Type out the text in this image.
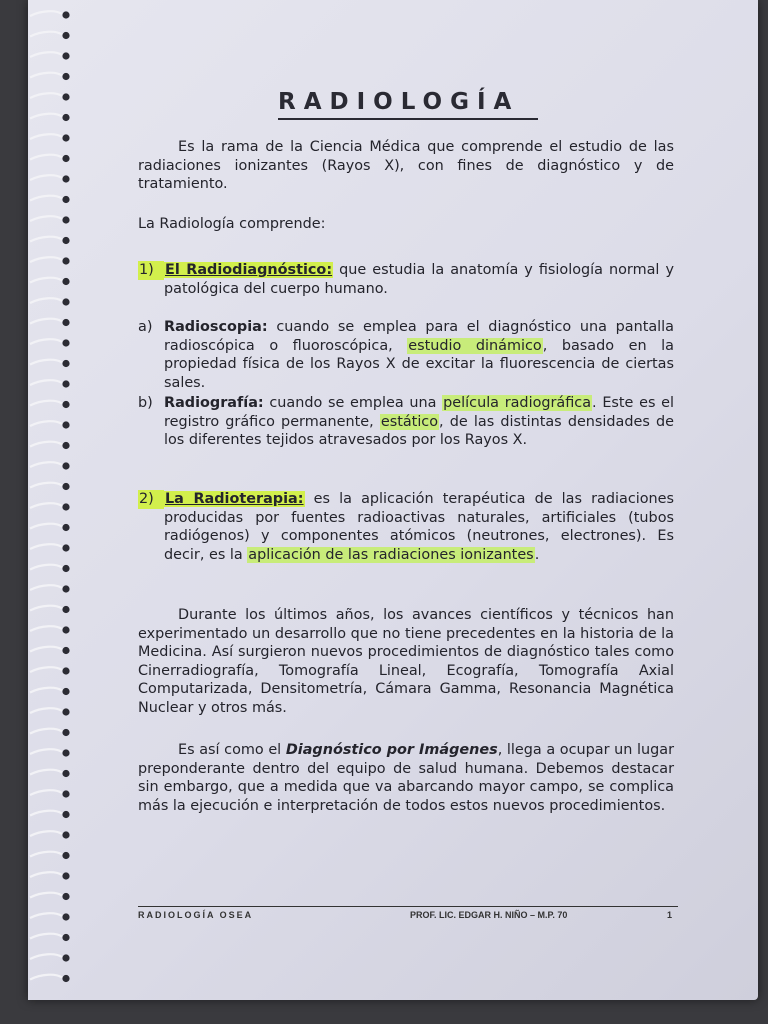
RADIOLOGÍA

Es la rama de la Ciencia Médica que comprende el estudio de las radiaciones ionizantes (Rayos X), con fines de diagnóstico y de tratamiento.

La Radiología comprende:
1) El Radiodiagnóstico: que estudia la anatomía y fisiología normal y patológica del cuerpo humano.
a) Radioscopia: cuando se emplea para el diagnóstico una pantalla radioscópica o fluoroscópica, estudio dinámico, basado en la propiedad física de los Rayos X de excitar la fluorescencia de ciertas sales.
b) Radiografía: cuando se emplea una película radiográfica. Este es el registro gráfico permanente, estático, de las distintas densidades de los diferentes tejidos atravesados por los Rayos X.
2) La Radioterapia: es la aplicación terapéutica de las radiaciones producidas por fuentes radioactivas naturales, artificiales (tubos radiógenos) y componentes atómicos (neutrones, electrones). Es decir, es la aplicación de las radiaciones ionizantes.

Durante los últimos años, los avances científicos y técnicos han experimentado un desarrollo que no tiene precedentes en la historia de la Medicina. Así surgieron nuevos procedimientos de diagnóstico tales como Cinerradiografía, Tomografía Lineal, Ecografía, Tomografía Axial Computarizada, Densitometría, Cámara Gamma, Resonancia Magnética Nuclear y otros más.

Es así como el Diagnóstico por Imágenes, llega a ocupar un lugar preponderante dentro del equipo de salud humana. Debemos destacar sin embargo, que a medida que va abarcando mayor campo, se complica más la ejecución e interpretación de todos estos nuevos procedimientos.

RADIOLOGÍA OSEA	PROF. LIC. EDGAR H. NIÑO – M.P. 70	1
